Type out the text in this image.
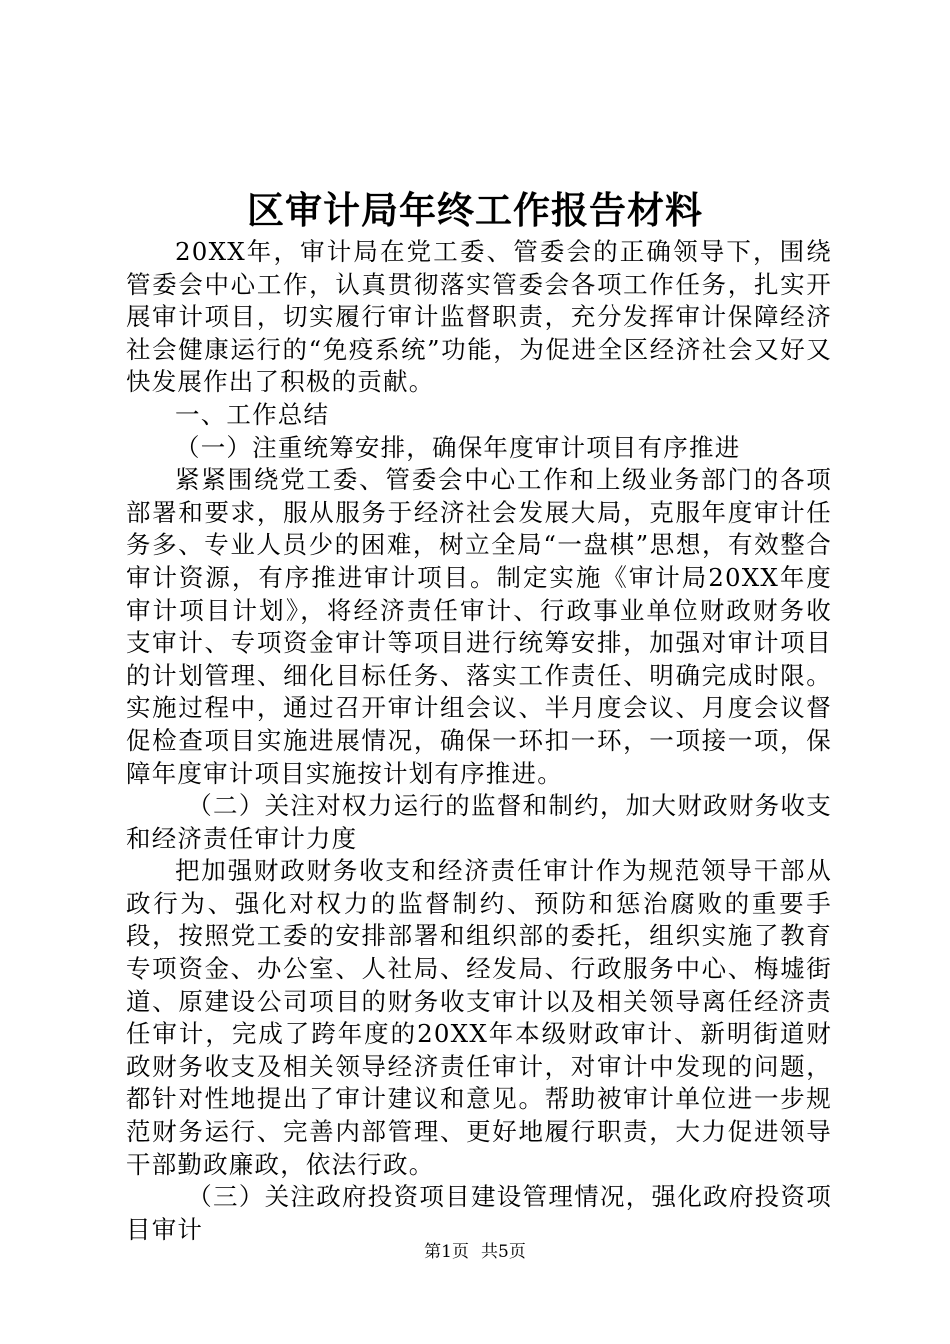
区审计局年终工作报告材料

20XX年，审计局在党工委、管委会的正确领导下，围绕管委会中心工作，认真贯彻落实管委会各项工作任务，扎实开展审计项目，切实履行审计监督职责，充分发挥审计保障经济社会健康运行的“免疫系统”功能，为促进全区经济社会又好又快发展作出了积极的贡献。

一、工作总结

（一）注重统筹安排，确保年度审计项目有序推进

紧紧围绕党工委、管委会中心工作和上级业务部门的各项部署和要求，服从服务于经济社会发展大局，克服年度审计任务多、专业人员少的困难，树立全局“一盘棋”思想，有效整合审计资源，有序推进审计项目。制定实施《审计局20XX年度审计项目计划》，将经济责任审计、行政事业单位财政财务收支审计、专项资金审计等项目进行统筹安排，加强对审计项目的计划管理、细化目标任务、落实工作责任、明确完成时限。实施过程中，通过召开审计组会议、半月度会议、月度会议督促检查项目实施进展情况，确保一环扣一环，一项接一项，保障年度审计项目实施按计划有序推进。

（二）关注对权力运行的监督和制约，加大财政财务收支和经济责任审计力度

把加强财政财务收支和经济责任审计作为规范领导干部从政行为、强化对权力的监督制约、预防和惩治腐败的重要手段，按照党工委的安排部署和组织部的委托，组织实施了教育专项资金、办公室、人社局、经发局、行政服务中心、梅墟街道、原建设公司项目的财务收支审计以及相关领导离任经济责任审计，完成了跨年度的20XX年本级财政审计、新明街道财政财务收支及相关领导经济责任审计，对审计中发现的问题，都针对性地提出了审计建议和意见。帮助被审计单位进一步规范财务运行、完善内部管理、更好地履行职责，大力促进领导干部勤政廉政，依法行政。

（三）关注政府投资项目建设管理情况，强化政府投资项目审计

第1页 共5页
